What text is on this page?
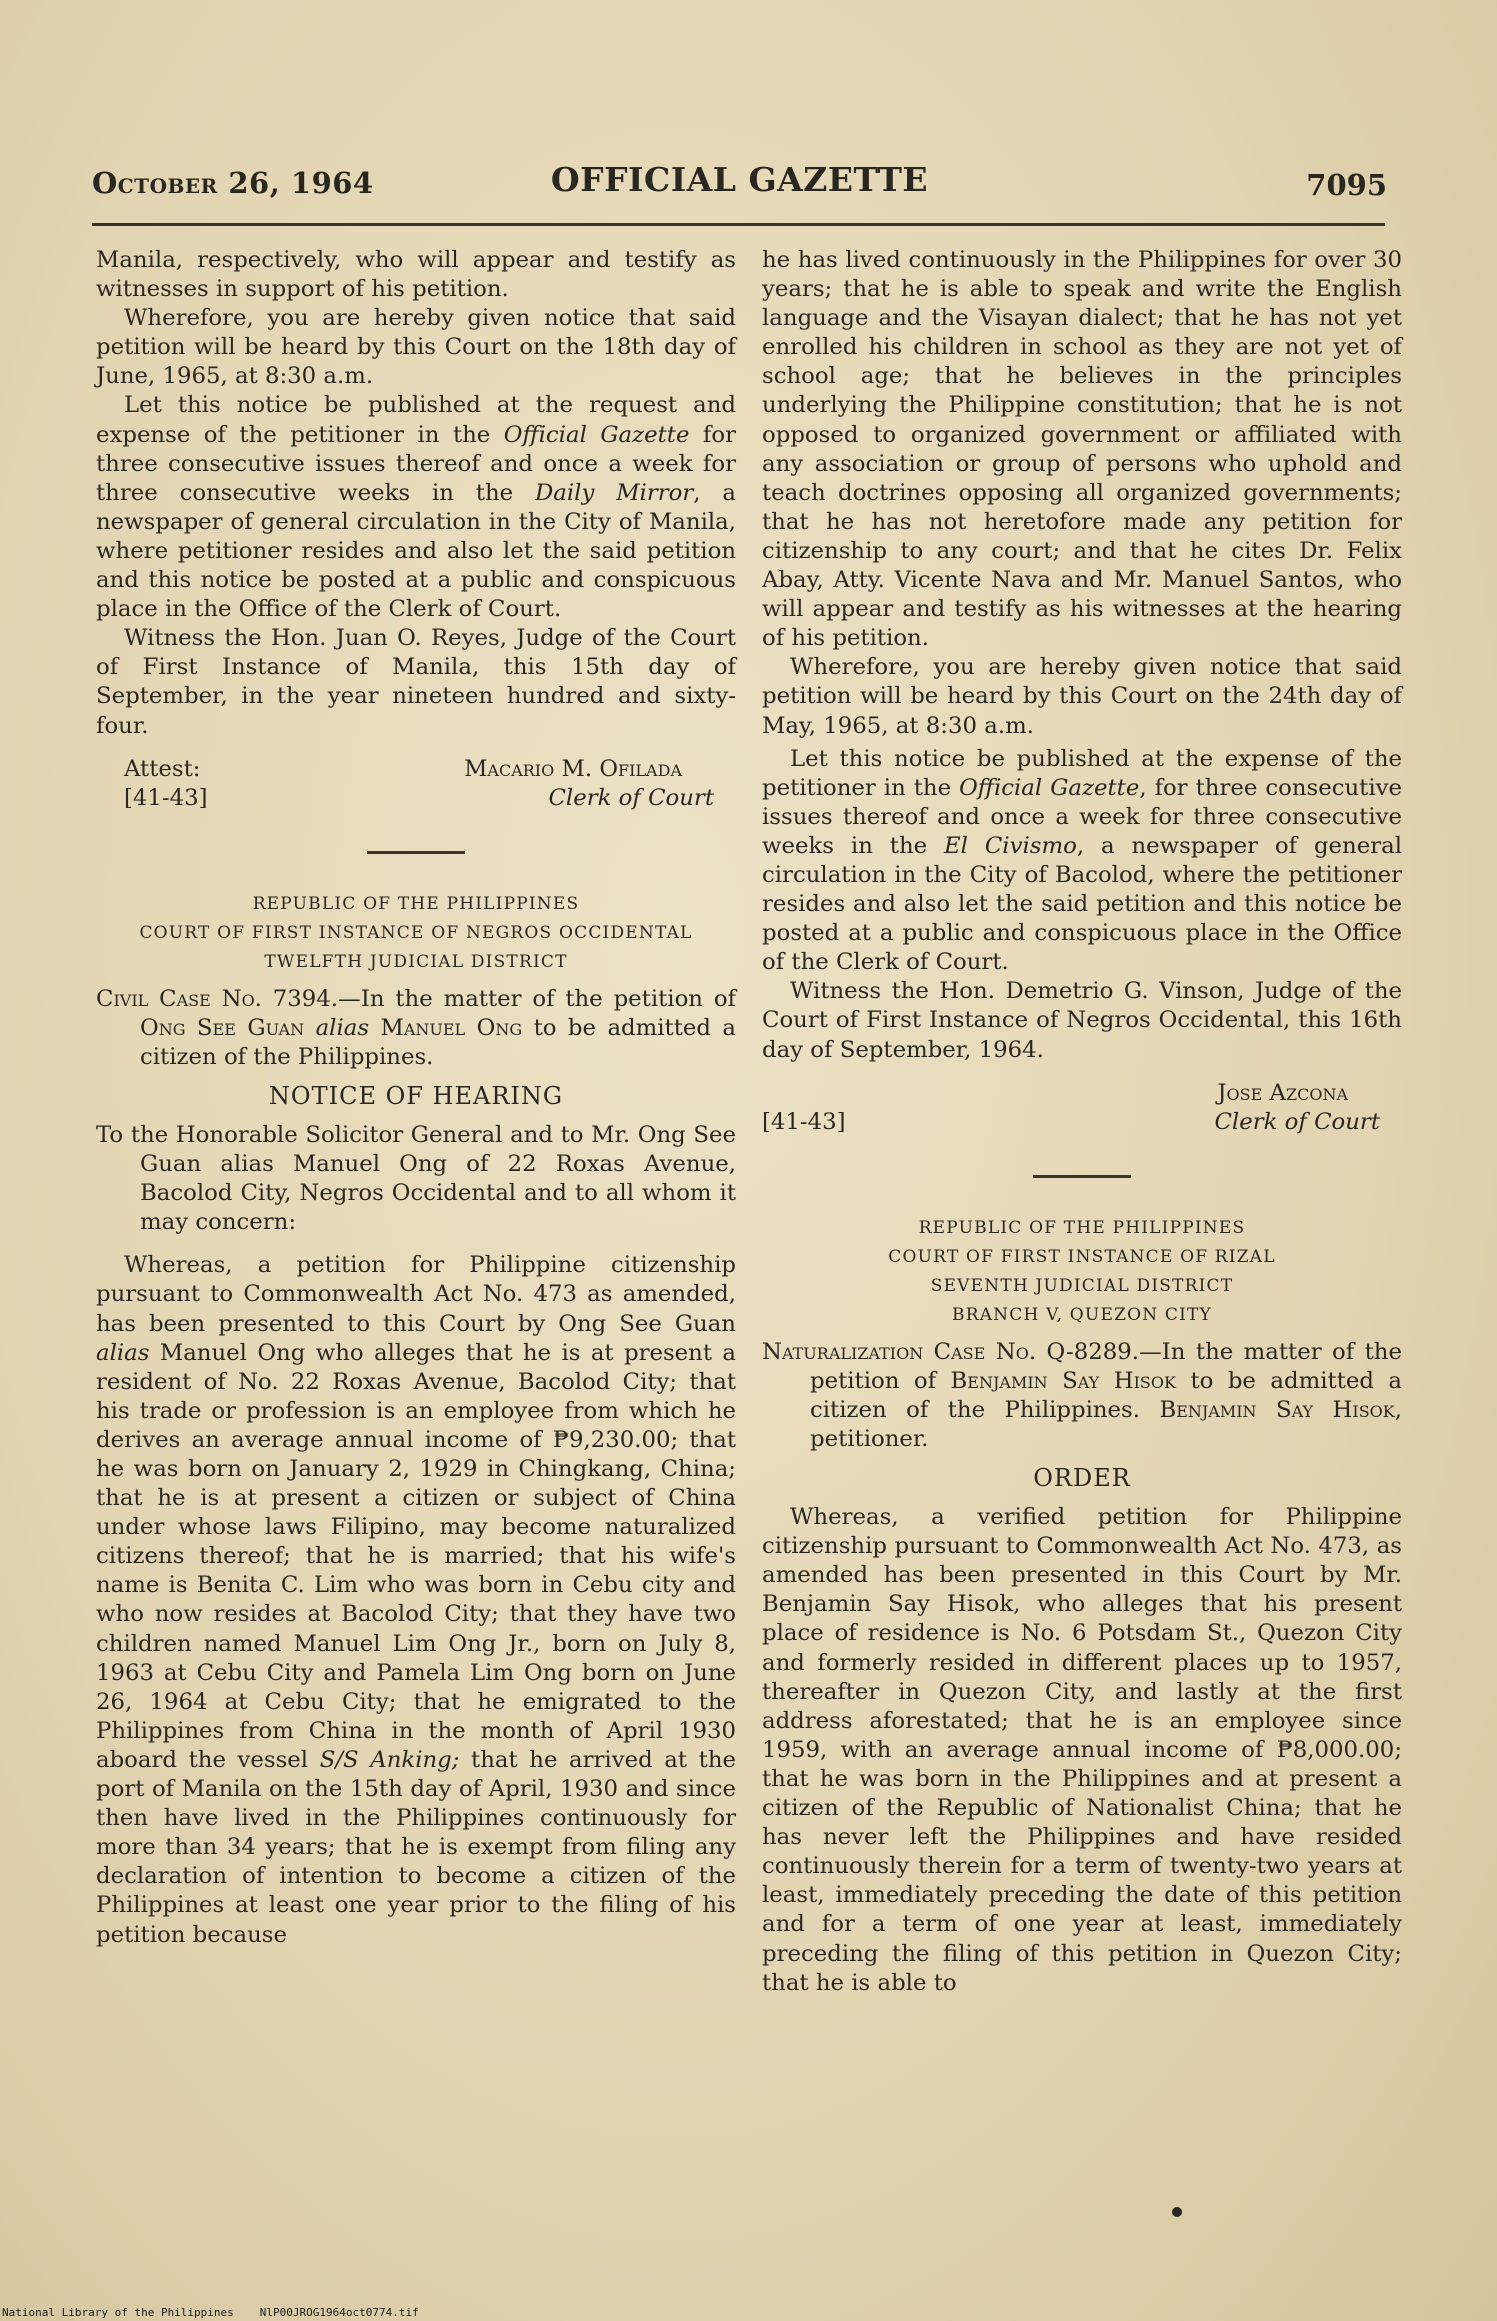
October 26, 1964	OFFICIAL GAZETTE	7095

Manila, respectively, who will appear and testify as witnesses in support of his petition.

Wherefore, you are hereby given notice that said petition will be heard by this Court on the 18th day of June, 1965, at 8:30 a.m.

Let this notice be published at the request and expense of the petitioner in the Official Gazette for three consecutive issues thereof and once a week for three consecutive weeks in the Daily Mirror, a newspaper of general circulation in the City of Manila, where petitioner resides and also let the said petition and this notice be posted at a public and conspicuous place in the Office of the Clerk of Court.

Witness the Hon. Juan O. Reyes, Judge of the Court of First Instance of Manila, this 15th day of September, in the year nineteen hundred and sixty-four.

Attest:
[41-43]
Macario M. Ofilada
Clerk of Court
REPUBLIC OF THE PHILIPPINES
COURT OF FIRST INSTANCE OF NEGROS OCCIDENTAL
TWELFTH JUDICIAL DISTRICT

Civil Case No. 7394.—In the matter of the petition of Ong See Guan alias Manuel Ong to be admitted a citizen of the Philippines.

NOTICE OF HEARING

To the Honorable Solicitor General and to Mr. Ong See Guan alias Manuel Ong of 22 Roxas Avenue, Bacolod City, Negros Occidental and to all whom it may concern:

Whereas, a petition for Philippine citizenship pursuant to Commonwealth Act No. 473 as amended, has been presented to this Court by Ong See Guan alias Manuel Ong who alleges that he is at present a resident of No. 22 Roxas Avenue, Bacolod City; that his trade or profession is an employee from which he derives an average annual income of ₱9,230.00; that he was born on January 2, 1929 in Chingkang, China; that he is at present a citizen or subject of China under whose laws Filipino, may become naturalized citizens thereof; that he is married; that his wife's name is Benita C. Lim who was born in Cebu city and who now resides at Bacolod City; that they have two children named Manuel Lim Ong Jr., born on July 8, 1963 at Cebu City and Pamela Lim Ong born on June 26, 1964 at Cebu City; that he emigrated to the Philippines from China in the month of April 1930 aboard the vessel S/S Anking; that he arrived at the port of Manila on the 15th day of April, 1930 and since then have lived in the Philippines continuously for more than 34 years; that he is exempt from filing any declaration of intention to become a citizen of the Philippines at least one year prior to the filing of his petition because

he has lived continuously in the Philippines for over 30 years; that he is able to speak and write the English language and the Visayan dialect; that he has not yet enrolled his children in school as they are not yet of school age; that he believes in the principles underlying the Philippine constitution; that he is not opposed to organized government or affiliated with any association or group of persons who uphold and teach doctrines opposing all organized governments; that he has not heretofore made any petition for citizenship to any court; and that he cites Dr. Felix Abay, Atty. Vicente Nava and Mr. Manuel Santos, who will appear and testify as his witnesses at the hearing of his petition.

Wherefore, you are hereby given notice that said petition will be heard by this Court on the 24th day of May, 1965, at 8:30 a.m.

Let this notice be published at the expense of the petitioner in the Official Gazette, for three consecutive issues thereof and once a week for three consecutive weeks in the El Civismo, a newspaper of general circulation in the City of Bacolod, where the petitioner resides and also let the said petition and this notice be posted at a public and conspicuous place in the Office of the Clerk of Court.

Witness the Hon. Demetrio G. Vinson, Judge of the Court of First Instance of Negros Occidental, this 16th day of September, 1964.

Jose Azcona
[41-43]	Clerk of Court
REPUBLIC OF THE PHILIPPINES
COURT OF FIRST INSTANCE OF RIZAL
SEVENTH JUDICIAL DISTRICT
BRANCH V, QUEZON CITY

Naturalization Case No. Q-8289.—In the matter of the petition of Benjamin Say Hisok to be admitted a citizen of the Philippines. Benjamin Say Hisok, petitioner.

ORDER

Whereas, a verified petition for Philippine citizenship pursuant to Commonwealth Act No. 473, as amended has been presented in this Court by Mr. Benjamin Say Hisok, who alleges that his present place of residence is No. 6 Potsdam St., Quezon City and formerly resided in different places up to 1957, thereafter in Quezon City, and lastly at the first address aforestated; that he is an employee since 1959, with an average annual income of ₱8,000.00; that he was born in the Philippines and at present a citizen of the Republic of Nationalist China; that he has never left the Philippines and have resided continuously therein for a term of twenty-two years at least, immediately preceding the date of this petition and for a term of one year at least, immediately preceding the filing of this petition in Quezon City; that he is able to

National Library of the Philippines NlP00JROG1964oct0774.tif
